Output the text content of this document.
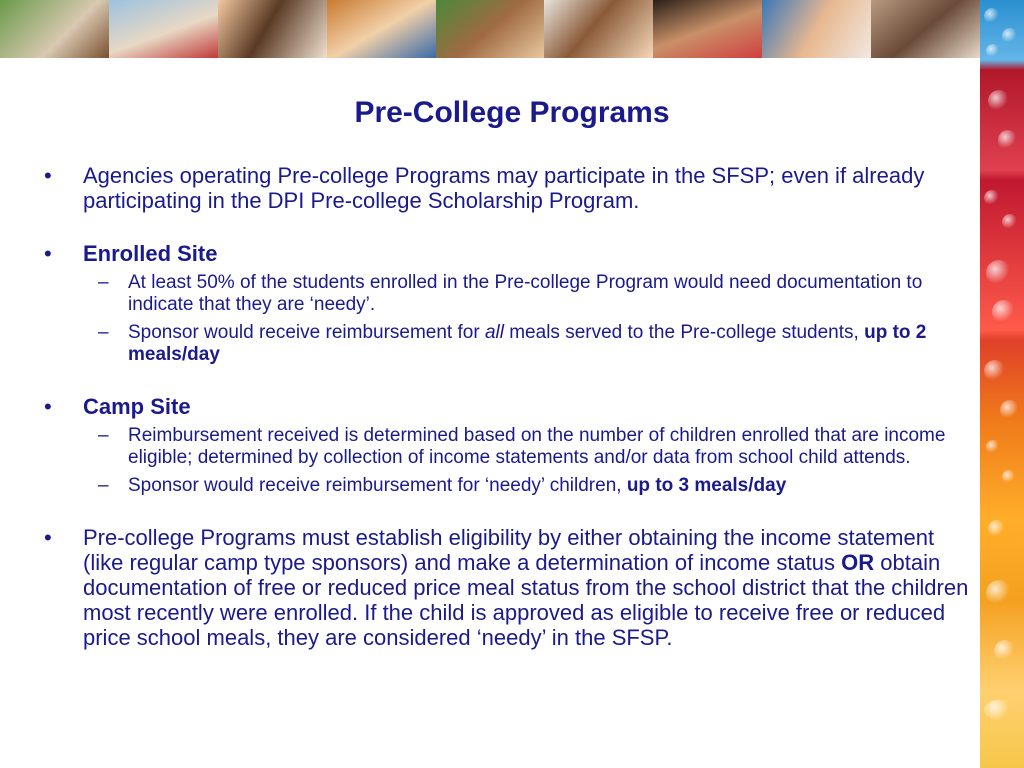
Pre-College Programs
• Agencies operating Pre-college Programs may participate in the SFSP; even if already participating in the DPI Pre-college Scholarship Program.
• Enrolled Site
– At least 50% of the students enrolled in the Pre-college Program would need documentation to indicate that they are ‘needy’.
– Sponsor would receive reimbursement for all meals served to the Pre-college students, up to 2 meals/day
• Camp Site
– Reimbursement received is determined based on the number of children enrolled that are income eligible; determined by collection of income statements and/or data from school child attends.
– Sponsor would receive reimbursement for ‘needy’ children, up to 3 meals/day
• Pre-college Programs must establish eligibility by either obtaining the income statement (like regular camp type sponsors) and make a determination of income status OR obtain documentation of free or reduced price meal status from the school district that the children most recently were enrolled. If the child is approved as eligible to receive free or reduced price school meals, they are considered ‘needy’ in the SFSP.
